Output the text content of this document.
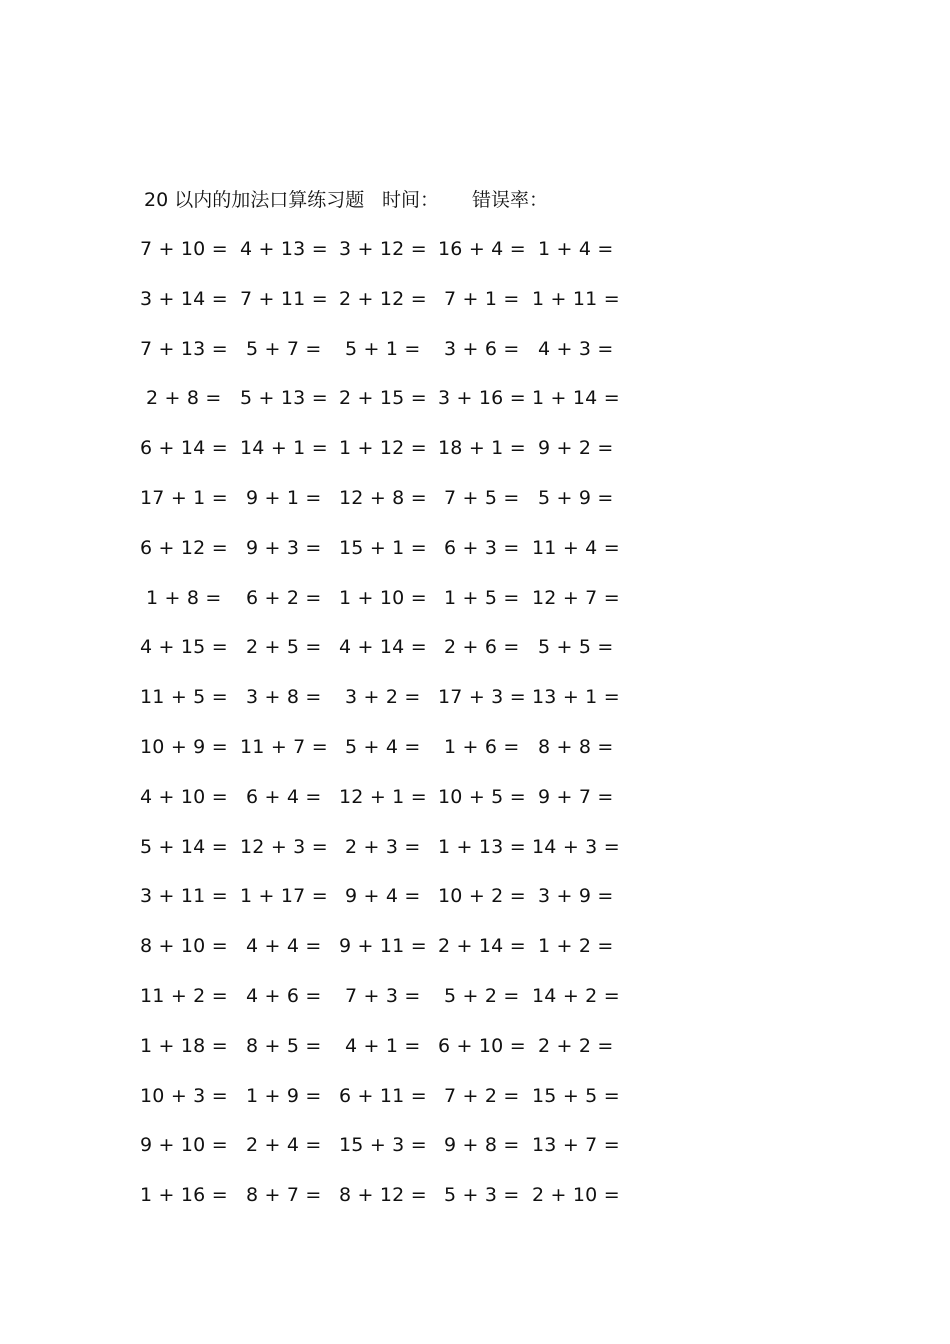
20 以内的加法口算练习题 时间： 错误率：
7 + 10 = 4 + 13 = 3 + 12 = 16 + 4 = 1 + 4 =
3 + 14 = 7 + 11 = 2 + 12 = 7 + 1 = 1 + 11 =
7 + 13 = 5 + 7 = 5 + 1 = 3 + 6 = 4 + 3 =
2 + 8 = 5 + 13 = 2 + 15 = 3 + 16 = 1 + 14 =
6 + 14 = 14 + 1 = 1 + 12 = 18 + 1 = 9 + 2 =
17 + 1 = 9 + 1 = 12 + 8 = 7 + 5 = 5 + 9 =
6 + 12 = 9 + 3 = 15 + 1 = 6 + 3 = 11 + 4 =
1 + 8 = 6 + 2 = 1 + 10 = 1 + 5 = 12 + 7 =
4 + 15 = 2 + 5 = 4 + 14 = 2 + 6 = 5 + 5 =
11 + 5 = 3 + 8 = 3 + 2 = 17 + 3 = 13 + 1 =
10 + 9 = 11 + 7 = 5 + 4 = 1 + 6 = 8 + 8 =
4 + 10 = 6 + 4 = 12 + 1 = 10 + 5 = 9 + 7 =
5 + 14 = 12 + 3 = 2 + 3 = 1 + 13 = 14 + 3 =
3 + 11 = 1 + 17 = 9 + 4 = 10 + 2 = 3 + 9 =
8 + 10 = 4 + 4 = 9 + 11 = 2 + 14 = 1 + 2 =
11 + 2 = 4 + 6 = 7 + 3 = 5 + 2 = 14 + 2 =
1 + 18 = 8 + 5 = 4 + 1 = 6 + 10 = 2 + 2 =
10 + 3 = 1 + 9 = 6 + 11 = 7 + 2 = 15 + 5 =
9 + 10 = 2 + 4 = 15 + 3 = 9 + 8 = 13 + 7 =
1 + 16 = 8 + 7 = 8 + 12 = 5 + 3 = 2 + 10 =
